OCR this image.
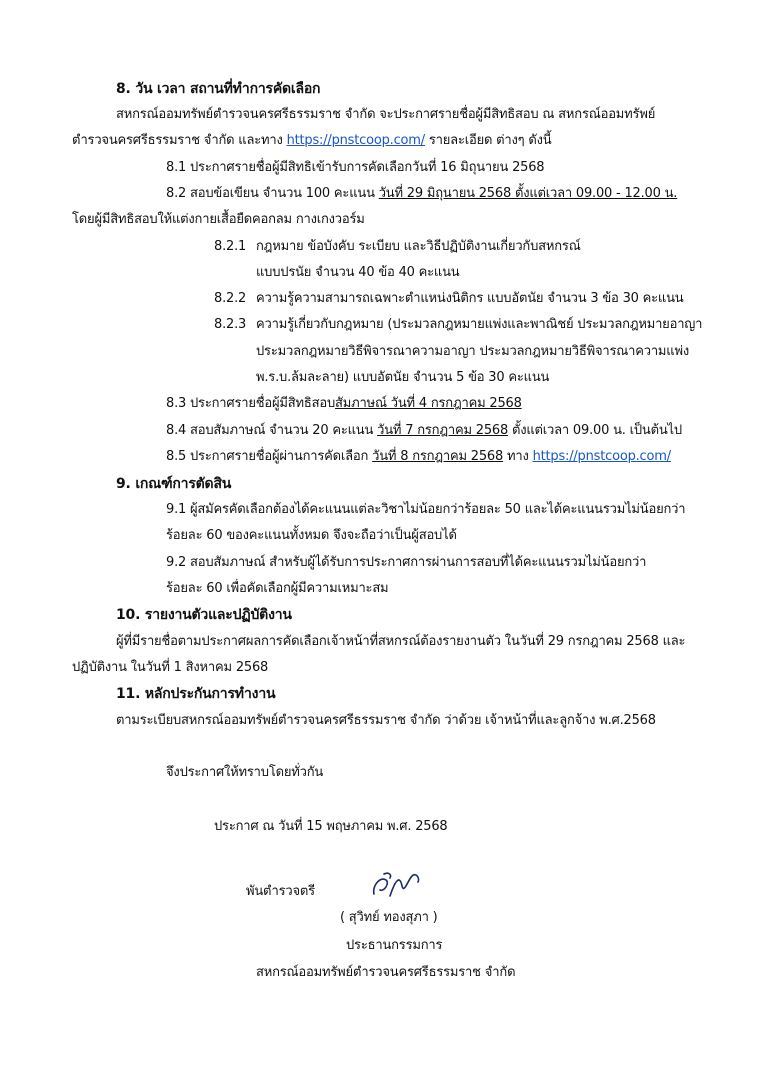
8. วัน เวลา สถานที่ทำการคัดเลือก
สหกรณ์ออมทรัพย์ตำรวจนครศรีธรรมราช จำกัด จะประกาศรายชื่อผู้มีสิทธิสอบ ณ สหกรณ์ออมทรัพย์
ตำรวจนครศรีธรรมราช จำกัด และทาง https://pnstcoop.com/ รายละเอียด ต่างๆ ดังนี้
8.1 ประกาศรายชื่อผู้มีสิทธิเข้ารับการคัดเลือกวันที่ 16 มิถุนายน 2568
8.2 สอบข้อเขียน จำนวน 100 คะแนน วันที่ 29 มิถุนายน 2568 ตั้งแต่เวลา 09.00 - 12.00 น.
โดยผู้มีสิทธิสอบให้แต่งกายเสื้อยืดคอกลม กางเกงวอร์ม
8.2.1 กฎหมาย ข้อบังคับ ระเบียบ และวิธีปฏิบัติงานเกี่ยวกับสหกรณ์
แบบปรนัย จำนวน 40 ข้อ 40 คะแนน
8.2.2 ความรู้ความสามารถเฉพาะตำแหน่งนิติกร แบบอัตนัย จำนวน 3 ข้อ 30 คะแนน
8.2.3 ความรู้เกี่ยวกับกฎหมาย (ประมวลกฎหมายแพ่งและพาณิชย์ ประมวลกฎหมายอาญา
ประมวลกฎหมายวิธีพิจารณาความอาญา ประมวลกฎหมายวิธีพิจารณาความแพ่ง
พ.ร.บ.ล้มละลาย) แบบอัตนัย จำนวน 5 ข้อ 30 คะแนน
8.3 ประกาศรายชื่อผู้มีสิทธิสอบสัมภาษณ์ วันที่ 4 กรกฎาคม 2568
8.4 สอบสัมภาษณ์ จำนวน 20 คะแนน วันที่ 7 กรกฎาคม 2568 ตั้งแต่เวลา 09.00 น. เป็นต้นไป
8.5 ประกาศรายชื่อผู้ผ่านการคัดเลือก วันที่ 8 กรกฎาคม 2568 ทาง https://pnstcoop.com/
9. เกณฑ์การตัดสิน
9.1 ผู้สมัครคัดเลือกต้องได้คะแนนแต่ละวิชาไม่น้อยกว่าร้อยละ 50 และได้คะแนนรวมไม่น้อยกว่า
ร้อยละ 60 ของคะแนนทั้งหมด จึงจะถือว่าเป็นผู้สอบได้
9.2 สอบสัมภาษณ์ สำหรับผู้ได้รับการประกาศการผ่านการสอบที่ได้คะแนนรวมไม่น้อยกว่า
ร้อยละ 60 เพื่อคัดเลือกผู้มีความเหมาะสม
10. รายงานตัวและปฏิบัติงาน
ผู้ที่มีรายชื่อตามประกาศผลการคัดเลือกเจ้าหน้าที่สหกรณ์ต้องรายงานตัว ในวันที่ 29 กรกฎาคม 2568 และ
ปฏิบัติงาน ในวันที่ 1 สิงหาคม 2568
11. หลักประกันการทำงาน
ตามระเบียบสหกรณ์ออมทรัพย์ตำรวจนครศรีธรรมราช จำกัด ว่าด้วย เจ้าหน้าที่และลูกจ้าง พ.ศ.2568
จึงประกาศให้ทราบโดยทั่วกัน
ประกาศ ณ วันที่ 15 พฤษภาคม พ.ศ. 2568
พันตำรวจตรี
( สุวิทย์ ทองสุภา )
ประธานกรรมการ
สหกรณ์ออมทรัพย์ตำรวจนครศรีธรรมราช จำกัด
